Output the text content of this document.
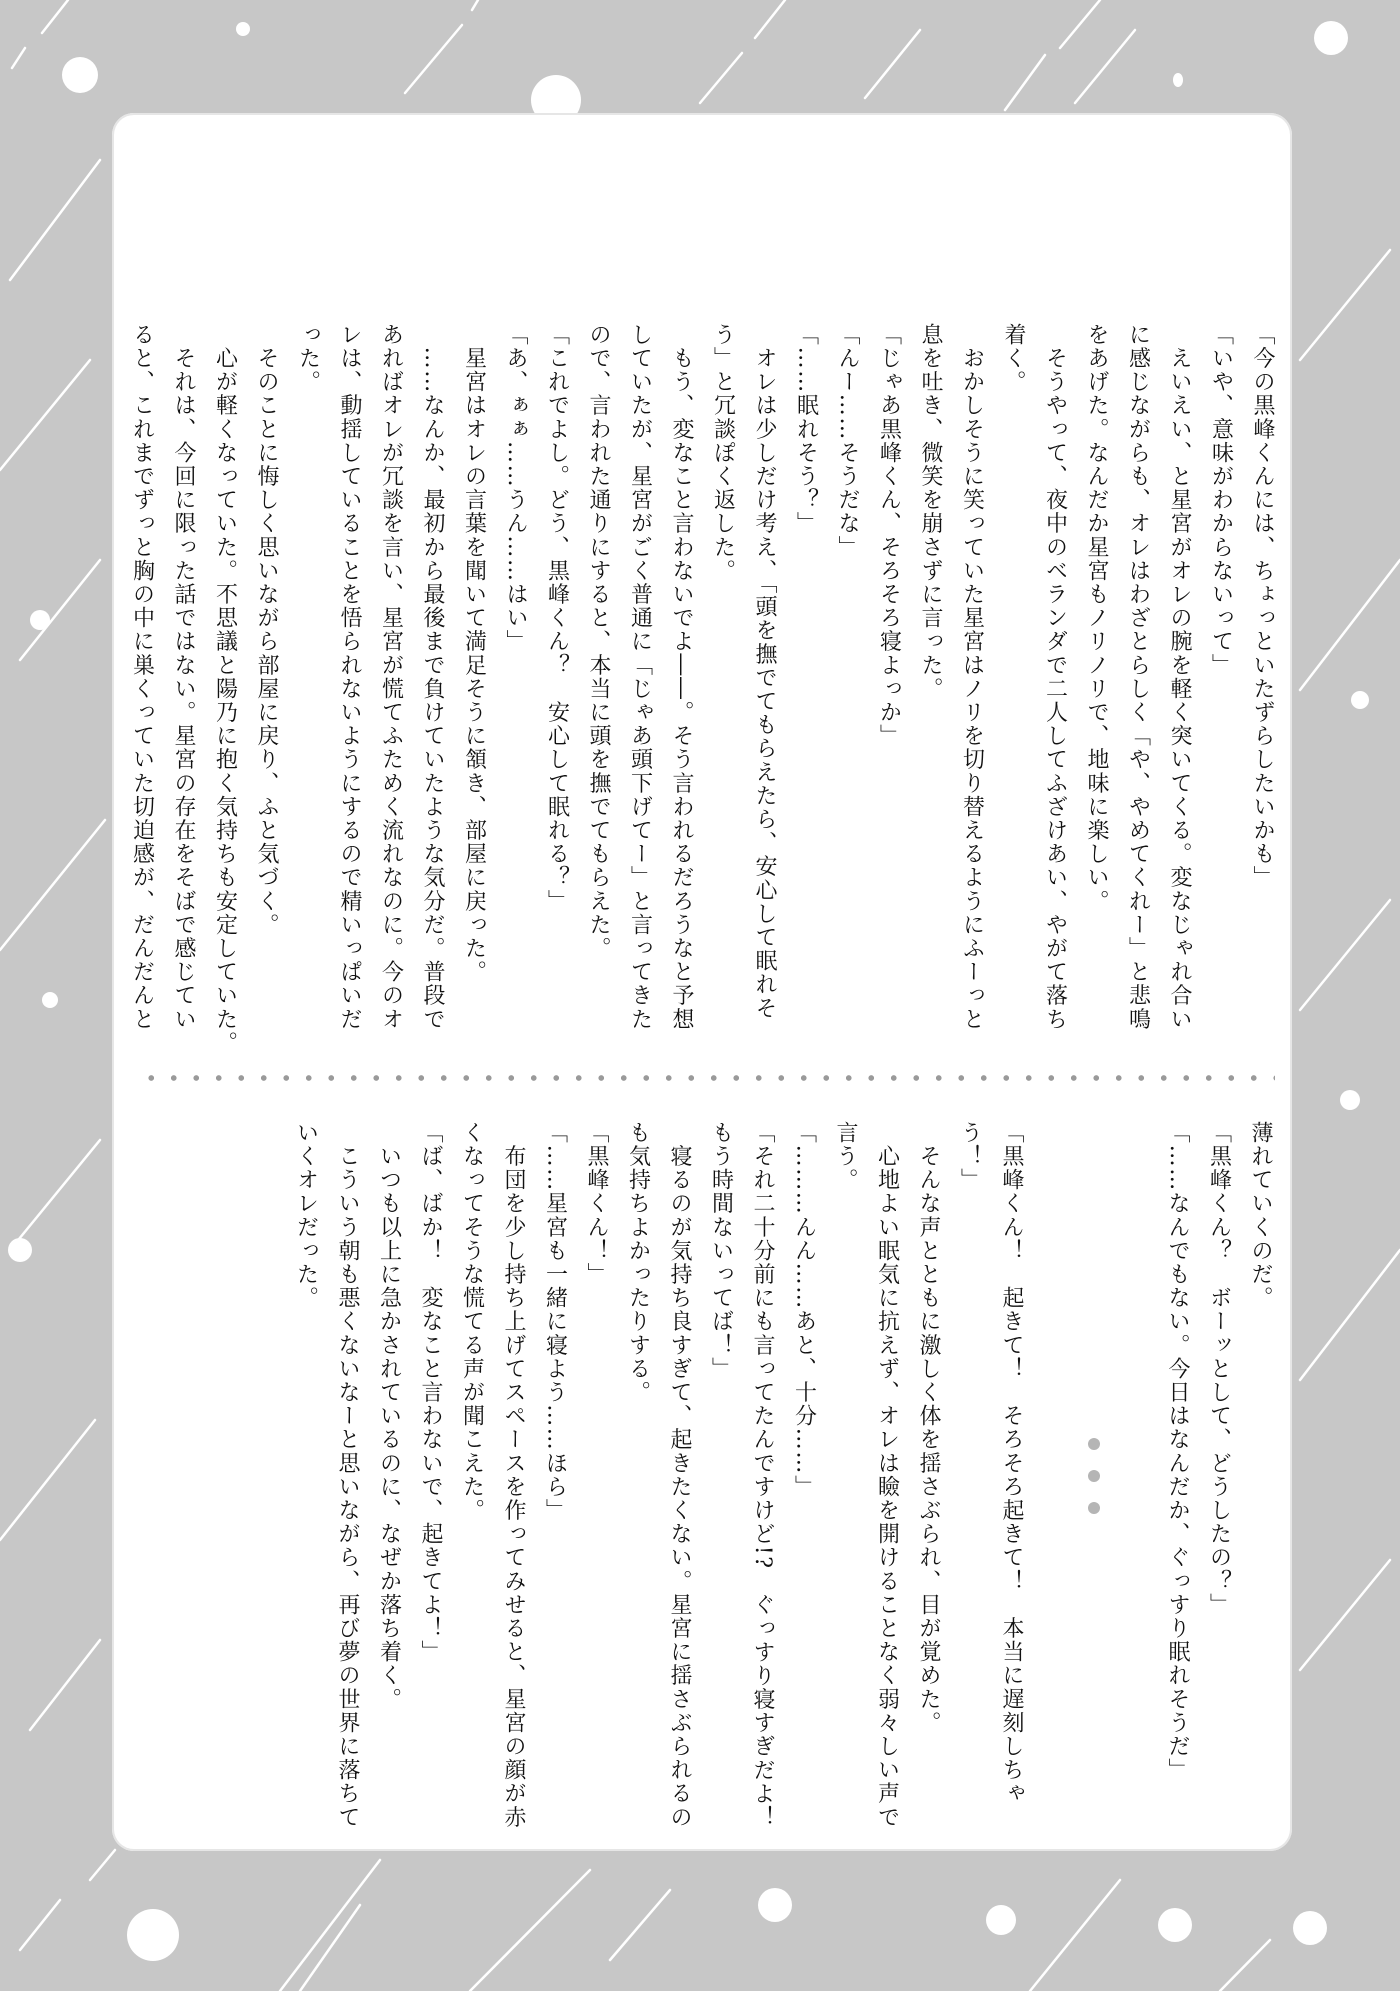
「今の黒峰くんには、ちょっといたずらしたいかも」
「いや、意味がわからないって」
　えいえい、と星宮がオレの腕を軽く突いてくる。変なじゃれ合い
に感じながらも、オレはわざとらしく「や、やめてくれー」と悲鳴
をあげた。なんだか星宮もノリノリで、地味に楽しい。
　そうやって、夜中のベランダで二人してふざけあい、やがて落ち
着く。
　おかしそうに笑っていた星宮はノリを切り替えるようにふーっと
息を吐き、微笑を崩さずに言った。
「じゃあ黒峰くん、そろそろ寝よっか」
「んー……そうだな」
「……眠れそう？」
　オレは少しだけ考え、「頭を撫でてもらえたら、安心して眠れそ
う」と冗談ぽく返した。
　もう、変なこと言わないでよ――。そう言われるだろうなと予想
していたが、星宮がごく普通に「じゃあ頭下げてー」と言ってきた
ので、言われた通りにすると、本当に頭を撫でてもらえた。
「これでよし。どう、黒峰くん？　安心して眠れる？」
「あ、ぁぁ……うん……はい」
　星宮はオレの言葉を聞いて満足そうに頷き、部屋に戻った。
　……なんか、最初から最後まで負けていたような気分だ。普段で
あればオレが冗談を言い、星宮が慌てふためく流れなのに。今のオ
レは、動揺していることを悟られないようにするので精いっぱいだ
った。
　そのことに悔しく思いながら部屋に戻り、ふと気づく。
　心が軽くなっていた。不思議と陽乃に抱く気持ちも安定していた。
　それは、今回に限った話ではない。星宮の存在をそばで感じてい
ると、これまでずっと胸の中に巣くっていた切迫感が、だんだんと
薄れていくのだ。
「黒峰くん？　ボーッとして、どうしたの？」
「……なんでもない。今日はなんだか、ぐっすり眠れそうだ」
「黒峰くん！　起きて！　そろそろ起きて！　本当に遅刻しちゃ
う！」
　そんな声とともに激しく体を揺さぶられ、目が覚めた。
　心地よい眠気に抗えず、オレは瞼を開けることなく弱々しい声で
言う。
「………んん……あと、十分……」
「それ二十分前にも言ってたんですけど!?　ぐっすり寝すぎだよ！
もう時間ないってば！」
　寝るのが気持ち良すぎて、起きたくない。星宮に揺さぶられるの
も気持ちよかったりする。
「黒峰くん！」
「……星宮も一緒に寝よう……ほら」
　布団を少し持ち上げてスペースを作ってみせると、星宮の顔が赤
くなってそうな慌てる声が聞こえた。
「ば、ばか！　変なこと言わないで、起きてよ！」
　いつも以上に急かされているのに、なぜか落ち着く。
　こういう朝も悪くないなーと思いながら、再び夢の世界に落ちて
いくオレだった。
